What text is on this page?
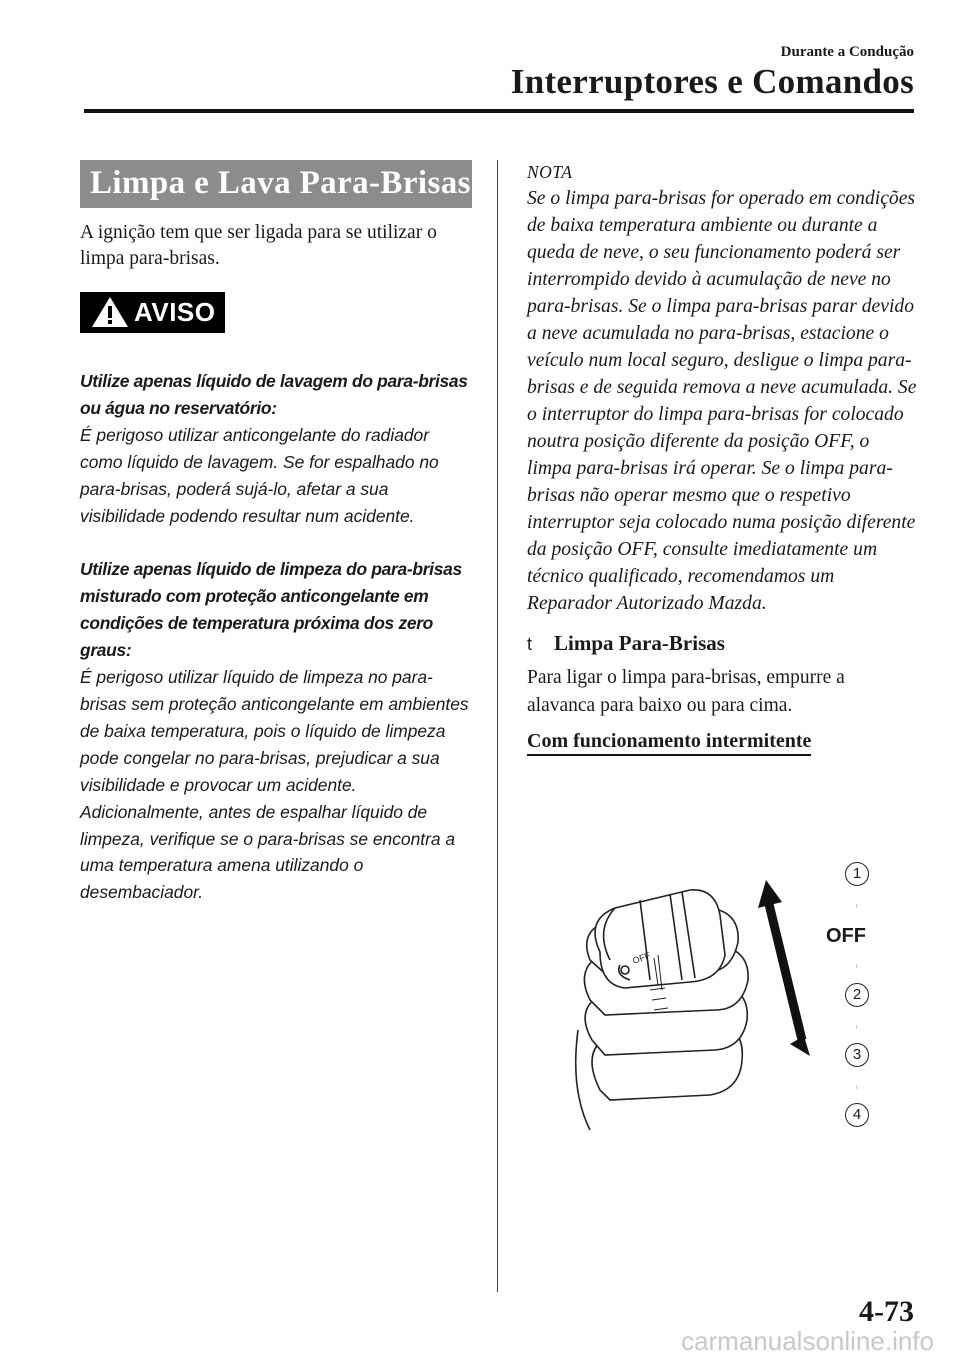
Durante a Condução
Interruptores e Comandos
Limpa e Lava Para-Brisas
A ignição tem que ser ligada para se utilizar o limpa para-brisas.
AVISO

Utilize apenas líquido de lavagem do para-brisas ou água no reservatório:

É perigoso utilizar anticongelante do radiador como líquido de lavagem. Se for espalhado no para-brisas, poderá sujá-lo, afetar a sua visibilidade podendo resultar num acidente.

Utilize apenas líquido de limpeza do para-brisas misturado com proteção anticongelante em condições de temperatura próxima dos zero graus:

É perigoso utilizar líquido de limpeza no para-brisas sem proteção anticongelante em ambientes de baixa temperatura, pois o líquido de limpeza pode congelar no para-brisas, prejudicar a sua visibilidade e provocar um acidente. Adicionalmente, antes de espalhar líquido de limpeza, verifique se o para-brisas se encontra a uma temperatura amena utilizando o desembaciador.

NOTA
Se o limpa para-brisas for operado em condições de baixa temperatura ambiente ou durante a queda de neve, o seu funcionamento poderá ser interrompido devido à acumulação de neve no para-brisas. Se o limpa para-brisas parar devido a neve acumulada no para-brisas, estacione o veículo num local seguro, desligue o limpa para-brisas e de seguida remova a neve acumulada. Se o interruptor do limpa para-brisas for colocado noutra posição diferente da posição OFF, o limpa para-brisas irá operar. Se o limpa para-brisas não operar mesmo que o respetivo interruptor seja colocado numa posição diferente da posição OFF, consulte imediatamente um técnico qualificado, recomendamos um Reparador Autorizado Mazda.
t	Limpa Para-Brisas
Para ligar o limpa para-brisas, empurre a alavanca para baixo ou para cima.
Com funcionamento intermitente
OFF
OFF
1
2
3
4
4-73
carmanualsonline.info
